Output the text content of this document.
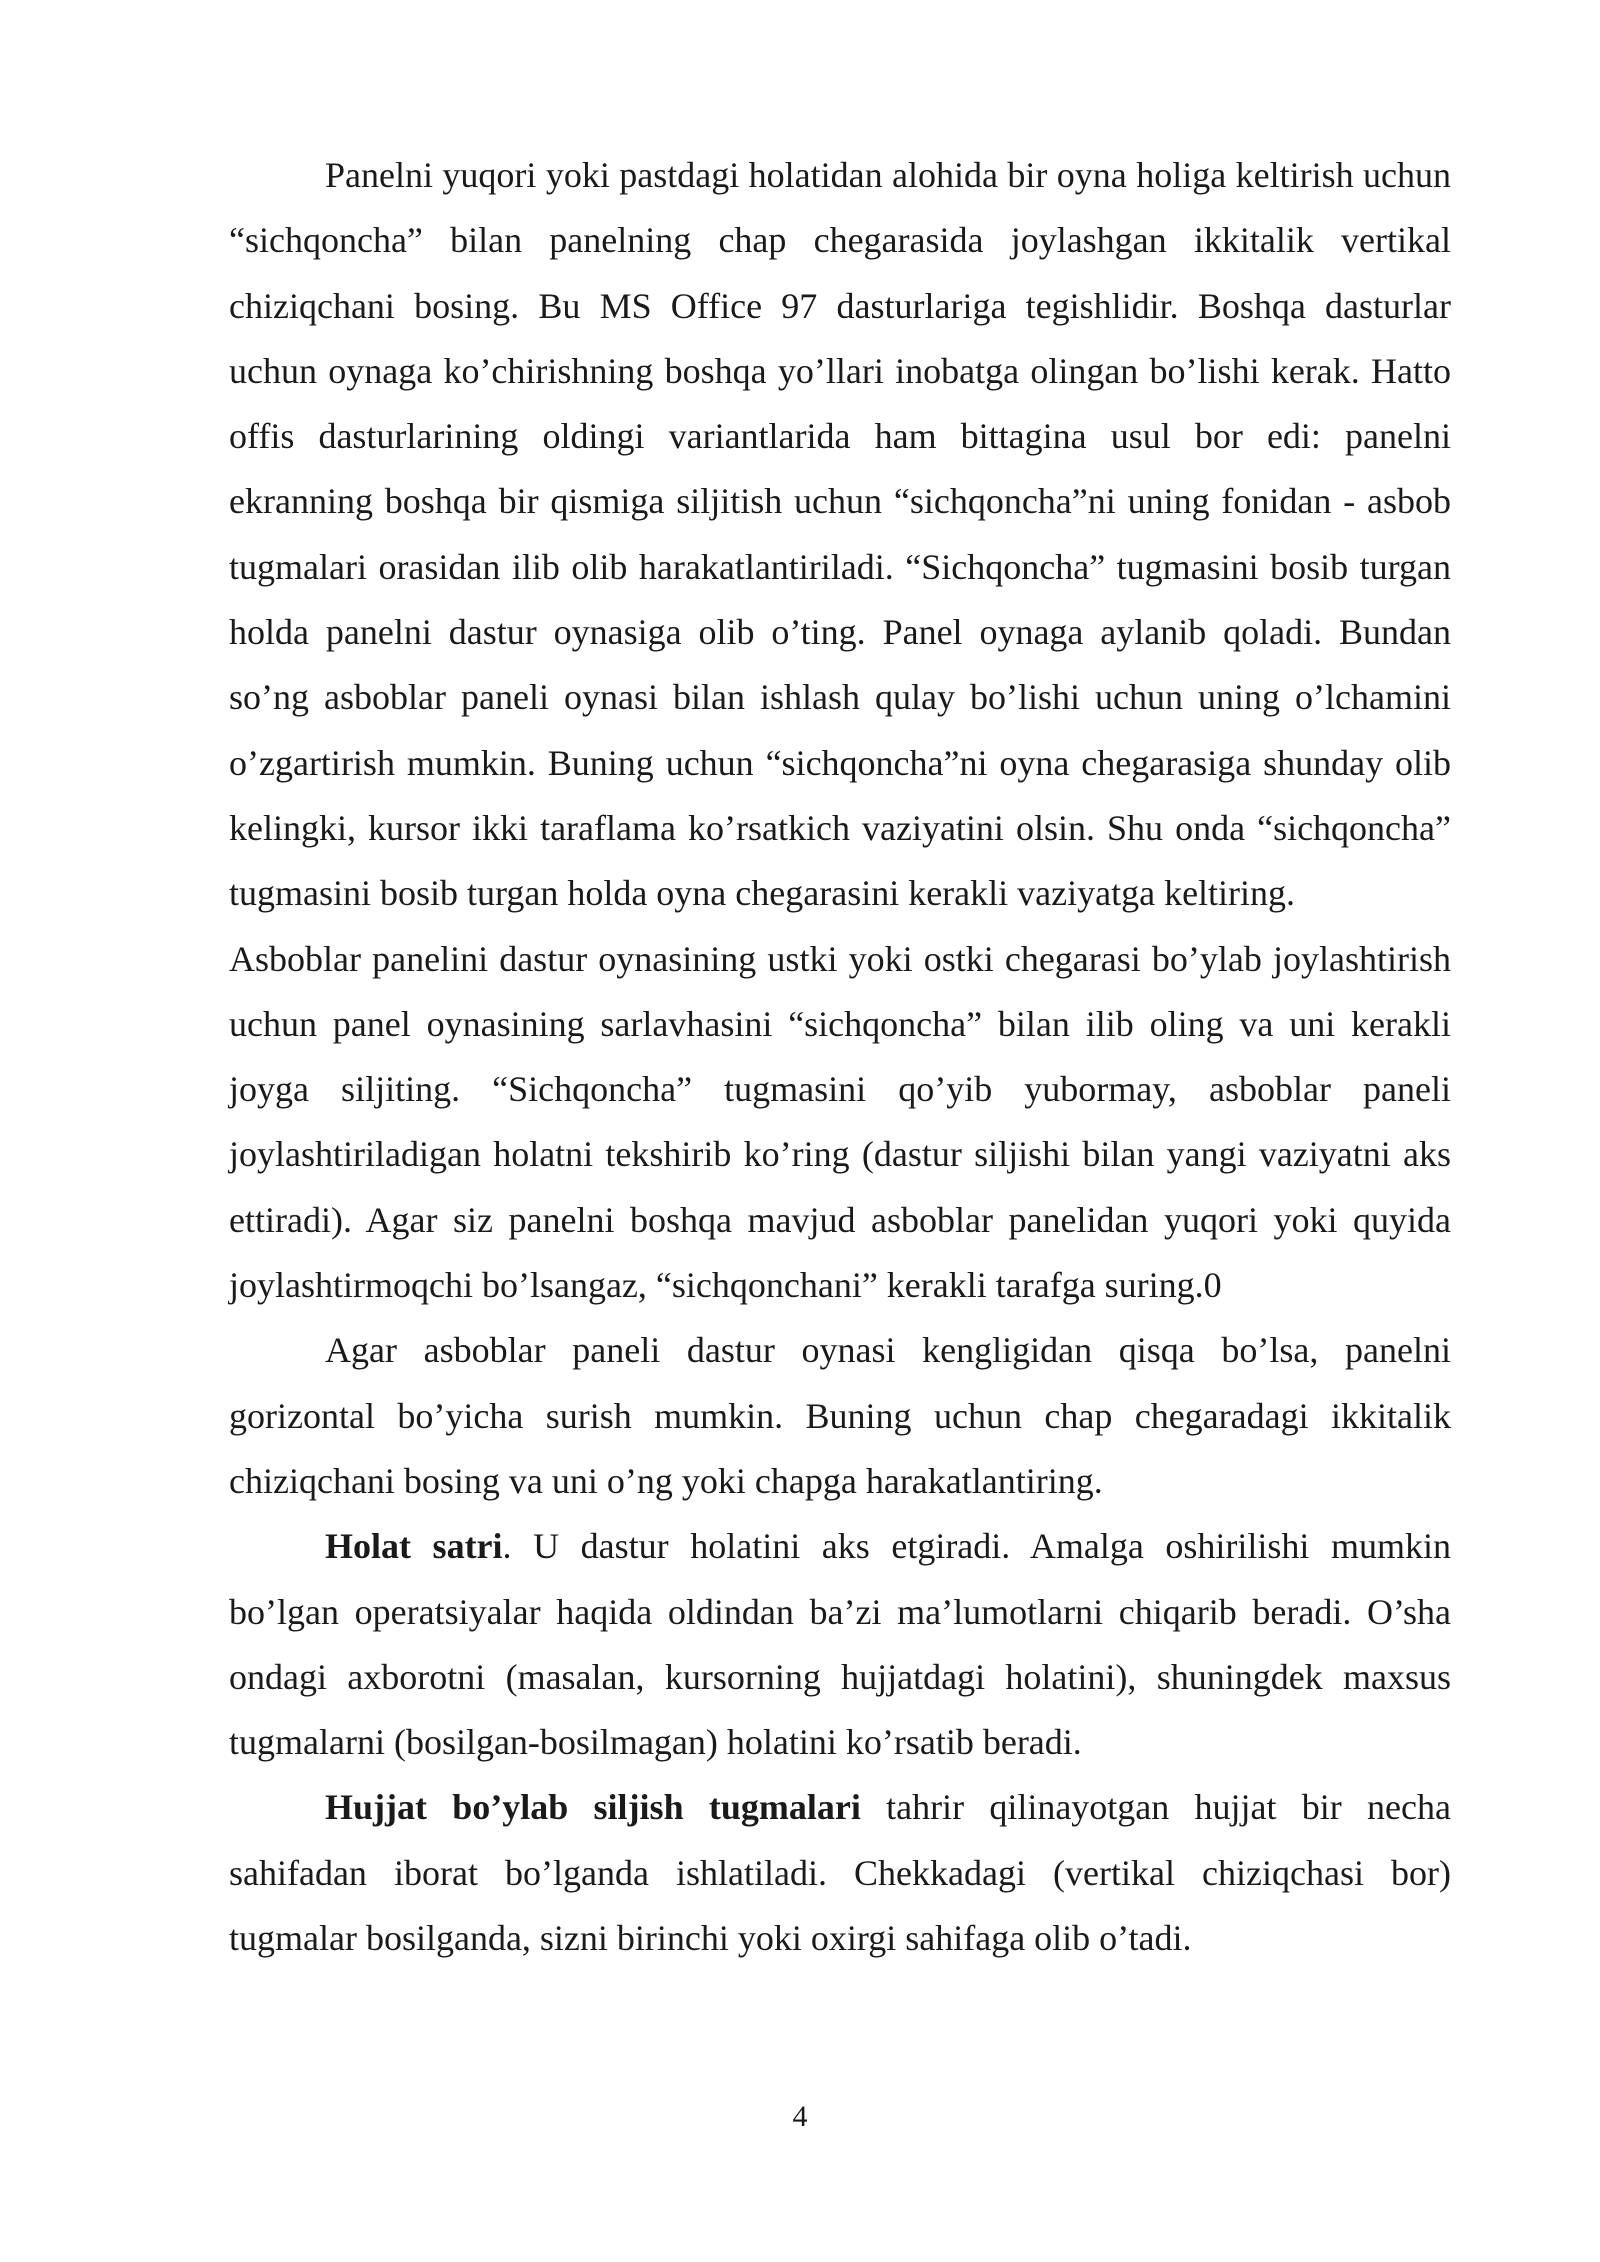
Panelni yuqori yoki pastdagi holatidan alohida bir oyna holiga keltirish uchun “sichqoncha” bilan panelning chap chegarasida joylashgan ikkitalik vertikal chiziqchani bosing. Bu MS Office 97 dasturlariga tegishlidir. Boshqa dasturlar uchun oynaga ko’chirishning boshqa yo’llari inobatga olingan bo’lishi kerak. Hatto offis dasturlarining oldingi variantlarida ham bittagina usul bor edi: panelni ekranning boshqa bir qismiga siljitish uchun “sichqoncha”ni uning fonidan - asbob tugmalari orasidan ilib olib harakatlantiriladi. “Sichqoncha” tugmasini bosib turgan holda panelni dastur oynasiga olib o’ting. Panel oynaga aylanib qoladi. Bundan so’ng asboblar paneli oynasi bilan ishlash qulay bo’lishi uchun uning o’lchamini o’zgartirish mumkin. Buning uchun “sichqoncha”ni oyna chegarasiga shunday olib kelingki, kursor ikki taraflama ko’rsatkich vaziyatini olsin. Shu onda “sichqoncha” tugmasini bosib turgan holda oyna chegarasini kerakli vaziyatga keltiring.

Asboblar panelini dastur oynasining ustki yoki ostki chegarasi bo’ylab joylashtirish uchun panel oynasining sarlavhasini “sichqoncha” bilan ilib oling va uni kerakli joyga siljiting. “Sichqoncha” tugmasini qo’yib yubormay, asboblar paneli joylashtiriladigan holatni tekshirib ko’ring (dastur siljishi bilan yangi vaziyatni aks ettiradi). Agar siz panelni boshqa mavjud asboblar panelidan yuqori yoki quyida joylashtirmoqchi bo’lsangaz, “sichqonchani” kerakli tarafga suring.0

Agar asboblar paneli dastur oynasi kengligidan qisqa bo’lsa, panelni gorizontal bo’yicha surish mumkin. Buning uchun chap chegaradagi ikkitalik chiziqchani bosing va uni o’ng yoki chapga harakatlantiring.

Holat satri. U dastur holatini aks etgiradi. Amalga oshirilishi mumkin bo’lgan operatsiyalar haqida oldindan ba’zi ma’lumotlarni chiqarib beradi. O’sha ondagi axborotni (masalan, kursorning hujjatdagi holatini), shuningdek maxsus tugmalarni (bosilgan-bosilmagan) holatini ko’rsatib beradi.

Hujjat bo’ylab siljish tugmalari tahrir qilinayotgan hujjat bir necha sahifadan iborat bo’lganda ishlatiladi. Chekkadagi (vertikal chiziqchasi bor) tugmalar bosilganda, sizni birinchi yoki oxirgi sahifaga olib o’tadi.

4
